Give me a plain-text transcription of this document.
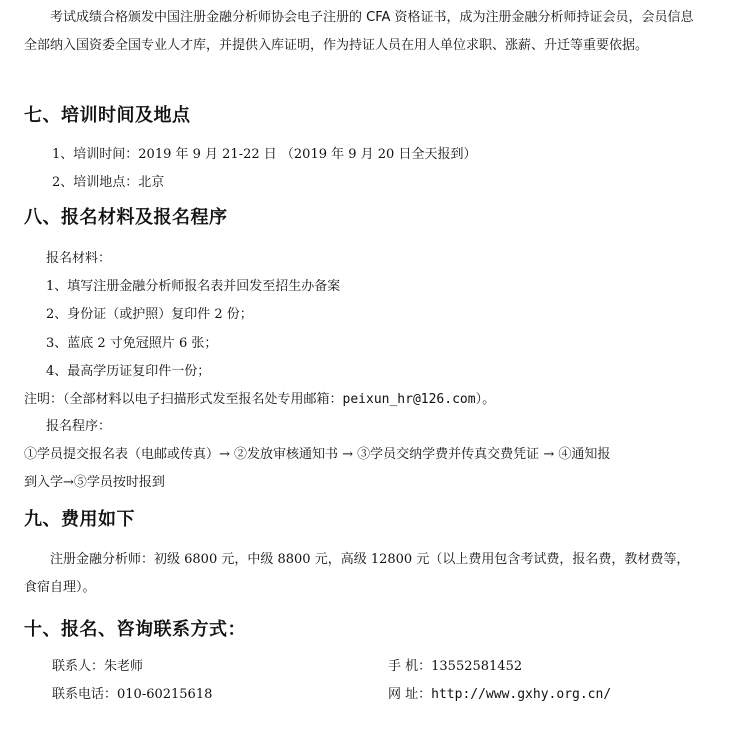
考试成绩合格颁发中国注册金融分析师协会电子注册的 CFA 资格证书，成为注册金融分析师持证会员，会员信息全部纳入国资委全国专业人才库，并提供入库证明，作为持证人员在用人单位求职、涨薪、升迁等重要依据。
七、培训时间及地点
1、培训时间：2019 年 9 月 21-22 日 （2019 年 9 月 20 日全天报到）
2、培训地点：北京
八、报名材料及报名程序
报名材料：
1、填写注册金融分析师报名表并回发至招生办备案
2、身份证（或护照）复印件 2 份；
3、蓝底 2 寸免冠照片 6 张；
4、最高学历证复印件一份；
注明：（全部材料以电子扫描形式发至报名处专用邮箱：peixun_hr@126.com）。
报名程序：
①学员提交报名表（电邮或传真）→ ②发放审核通知书 → ③学员交纳学费并传真交费凭证 → ④通知报
到入学→⑤学员按时报到
九、费用如下
注册金融分析师：初级 6800 元，中级 8800 元，高级 12800 元（以上费用包含考试费，报名费，教材费等，食宿自理）。
十、报名、咨询联系方式：
联系人：朱老师	手 机：13552581452
联系电话：010-60215618	网 址：http://www.gxhy.org.cn/
